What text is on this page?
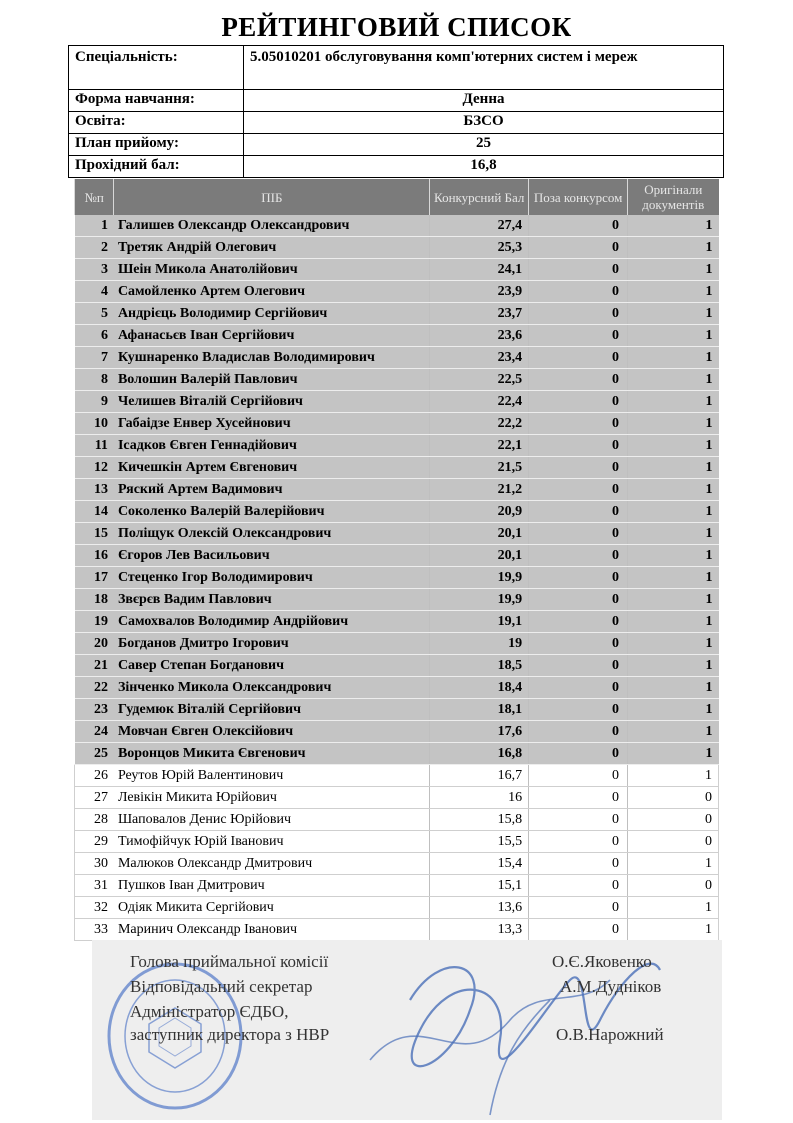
РЕЙТИНГОВИЙ СПИСОК
Спеціальність:	5.05010201 обслуговування комп'ютерних систем і мереж
Форма навчання:	Денна
Освіта:	БЗСО
План прийому:	25
Прохідний бал:	16,8
№п	ПІБ	Конкурсний Бал	Поза конкурсом	Оригінали документів
1	Галишев Олександр Олександрович	27,4	0	1
2	Третяк Андрій Олегович	25,3	0	1
3	Шеін Микола Анатолійович	24,1	0	1
4	Самойленко Артем Олегович	23,9	0	1
5	Андрієць Володимир Сергійович	23,7	0	1
6	Афанасьєв Іван Сергійович	23,6	0	1
7	Кушнаренко Владислав Володимирович	23,4	0	1
8	Волошин Валерій Павлович	22,5	0	1
9	Челишев Віталій Сергійович	22,4	0	1
10	Габаідзе Енвер Хусейнович	22,2	0	1
11	Ісадков Євген Геннадійович	22,1	0	1
12	Кичешкін Артем Євгенович	21,5	0	1
13	Ряский Артем Вадимович	21,2	0	1
14	Соколенко Валерій Валерійович	20,9	0	1
15	Поліщук Олексій Олександрович	20,1	0	1
16	Єгоров Лев Васильович	20,1	0	1
17	Стеценко Ігор Володимирович	19,9	0	1
18	Звєрєв Вадим Павлович	19,9	0	1
19	Самохвалов Володимир Андрійович	19,1	0	1
20	Богданов Дмитро Ігорович	19	0	1
21	Савер Степан Богданович	18,5	0	1
22	Зінченко Микола Олександрович	18,4	0	1
23	Гудемюк Віталій Сергійович	18,1	0	1
24	Мовчан Євген Олексійович	17,6	0	1
25	Воронцов Микита Євгенович	16,8	0	1
26	Реутов Юрій Валентинович	16,7	0	1
27	Левікін Микита Юрійович	16	0	0
28	Шаповалов Денис Юрійович	15,8	0	0
29	Тимофійчук Юрій Іванович	15,5	0	0
30	Малюков Олександр Дмитрович	15,4	0	1
31	Пушков Іван Дмитрович	15,1	0	0
32	Одіяк Микита Сергійович	13,6	0	1
33	Маринич Олександр Іванович	13,3	0	1
Голова приймальної комісії	О.Є.Яковенко
Відповідальний секретар	А.М.Дудніков
Адміністратор ЄДБО,
заступник директора з НВР	О.В.Нарожний
